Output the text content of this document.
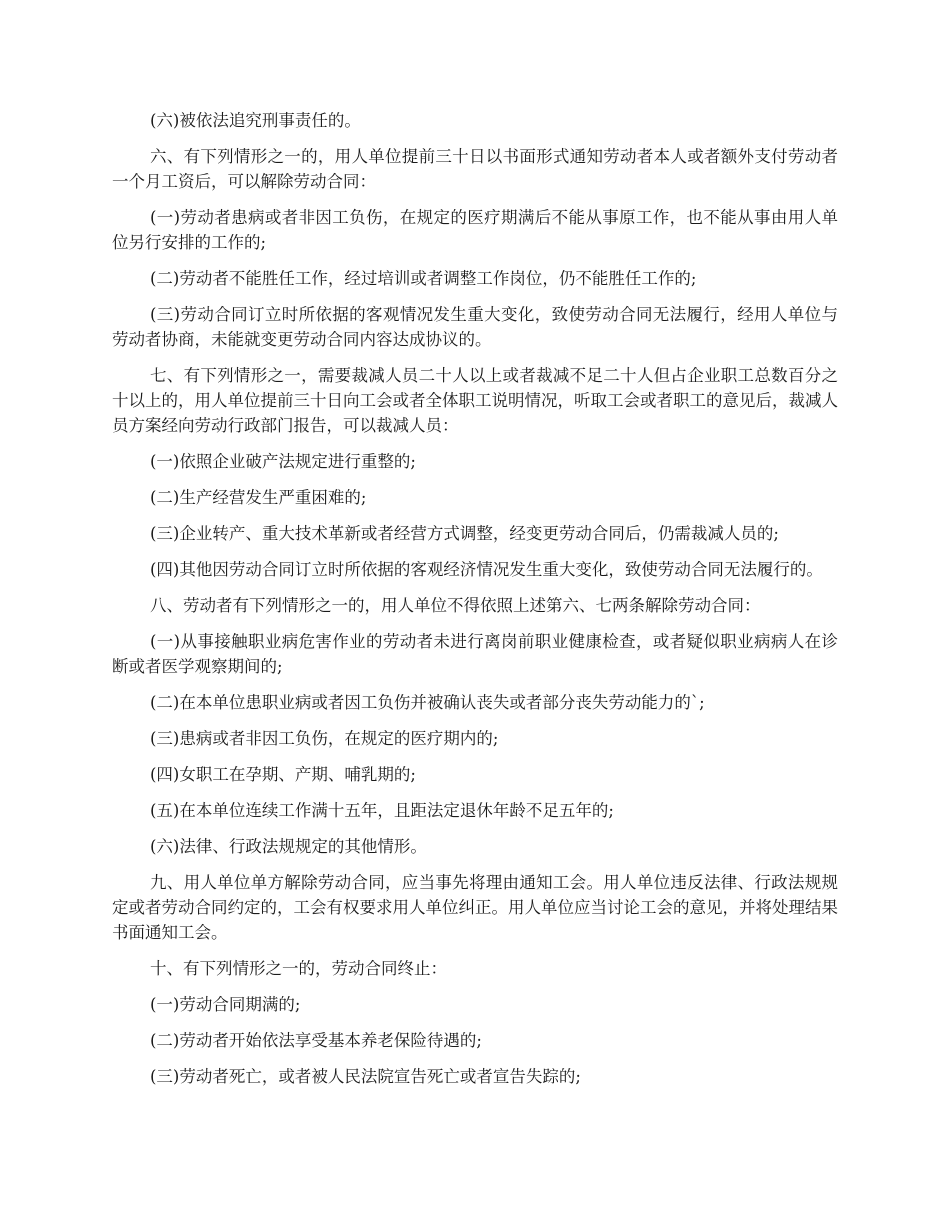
(六)被依法追究刑事责任的。

六、有下列情形之一的，用人单位提前三十日以书面形式通知劳动者本人或者额外支付劳动者一个月工资后，可以解除劳动合同：

(一)劳动者患病或者非因工负伤，在规定的医疗期满后不能从事原工作，也不能从事由用人单位另行安排的工作的;

(二)劳动者不能胜任工作，经过培训或者调整工作岗位，仍不能胜任工作的;

(三)劳动合同订立时所依据的客观情况发生重大变化，致使劳动合同无法履行，经用人单位与劳动者协商，未能就变更劳动合同内容达成协议的。

七、有下列情形之一，需要裁减人员二十人以上或者裁减不足二十人但占企业职工总数百分之十以上的，用人单位提前三十日向工会或者全体职工说明情况，听取工会或者职工的意见后，裁减人员方案经向劳动行政部门报告，可以裁减人员：

(一)依照企业破产法规定进行重整的;

(二)生产经营发生严重困难的;

(三)企业转产、重大技术革新或者经营方式调整，经变更劳动合同后，仍需裁减人员的;

(四)其他因劳动合同订立时所依据的客观经济情况发生重大变化，致使劳动合同无法履行的。

八、劳动者有下列情形之一的，用人单位不得依照上述第六、七两条解除劳动合同：

(一)从事接触职业病危害作业的劳动者未进行离岗前职业健康检查，或者疑似职业病病人在诊断或者医学观察期间的;

(二)在本单位患职业病或者因工负伤并被确认丧失或者部分丧失劳动能力的`;

(三)患病或者非因工负伤，在规定的医疗期内的;

(四)女职工在孕期、产期、哺乳期的;

(五)在本单位连续工作满十五年，且距法定退休年龄不足五年的;

(六)法律、行政法规规定的其他情形。

九、用人单位单方解除劳动合同，应当事先将理由通知工会。用人单位违反法律、行政法规规定或者劳动合同约定的，工会有权要求用人单位纠正。用人单位应当讨论工会的意见，并将处理结果书面通知工会。

十、有下列情形之一的，劳动合同终止：

(一)劳动合同期满的;

(二)劳动者开始依法享受基本养老保险待遇的;

(三)劳动者死亡，或者被人民法院宣告死亡或者宣告失踪的;
